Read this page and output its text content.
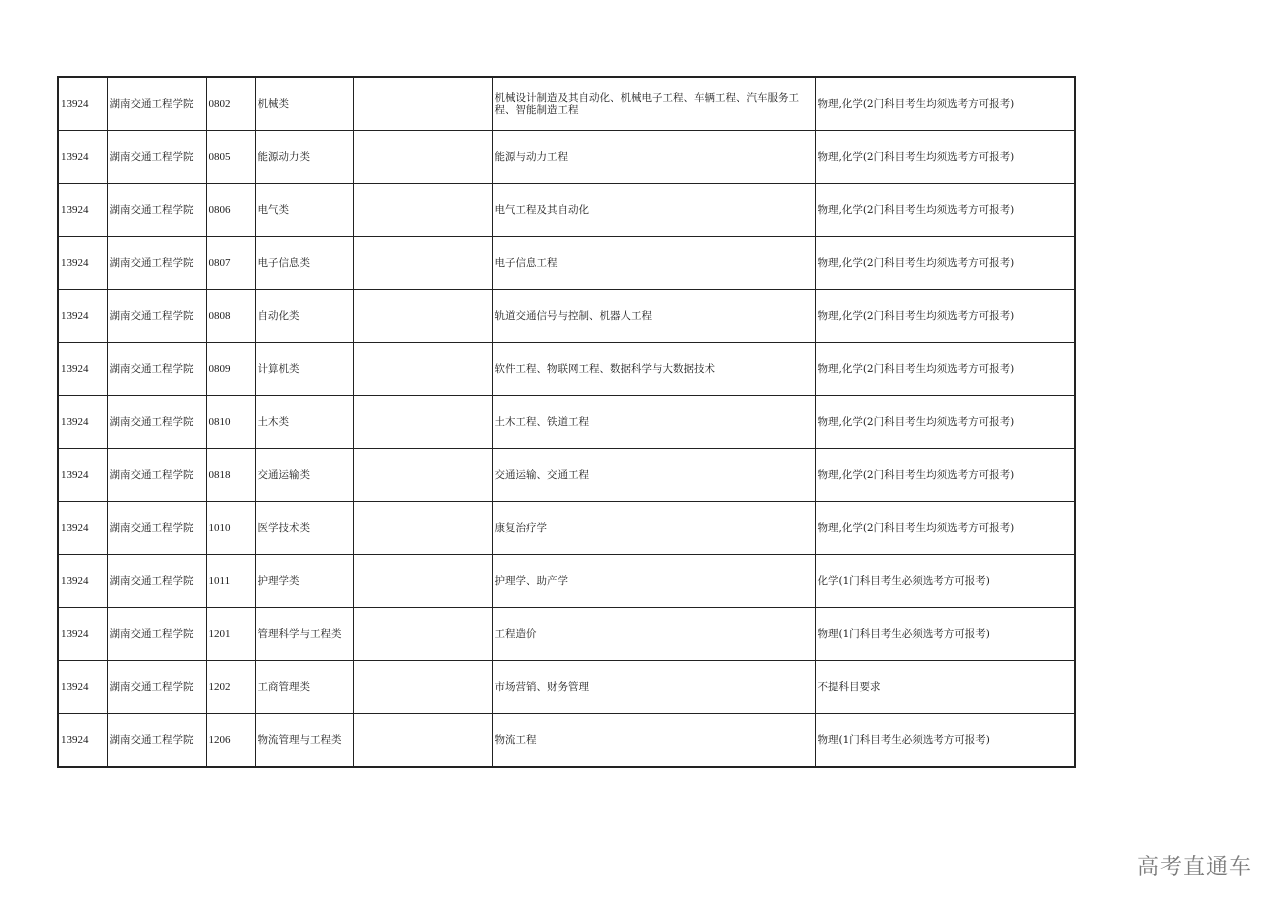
13924	湖南交通工程学院	0802	机械类		机械设计制造及其自动化、机械电子工程、车辆工程、汽车服务工程、智能制造工程	物理,化学(2门科目考生均须选考方可报考)
13924	湖南交通工程学院	0805	能源动力类		能源与动力工程	物理,化学(2门科目考生均须选考方可报考)
13924	湖南交通工程学院	0806	电气类		电气工程及其自动化	物理,化学(2门科目考生均须选考方可报考)
13924	湖南交通工程学院	0807	电子信息类		电子信息工程	物理,化学(2门科目考生均须选考方可报考)
13924	湖南交通工程学院	0808	自动化类		轨道交通信号与控制、机器人工程	物理,化学(2门科目考生均须选考方可报考)
13924	湖南交通工程学院	0809	计算机类		软件工程、物联网工程、数据科学与大数据技术	物理,化学(2门科目考生均须选考方可报考)
13924	湖南交通工程学院	0810	土木类		土木工程、铁道工程	物理,化学(2门科目考生均须选考方可报考)
13924	湖南交通工程学院	0818	交通运输类		交通运输、交通工程	物理,化学(2门科目考生均须选考方可报考)
13924	湖南交通工程学院	1010	医学技术类		康复治疗学	物理,化学(2门科目考生均须选考方可报考)
13924	湖南交通工程学院	1011	护理学类		护理学、助产学	化学(1门科目考生必须选考方可报考)
13924	湖南交通工程学院	1201	管理科学与工程类		工程造价	物理(1门科目考生必须选考方可报考)
13924	湖南交通工程学院	1202	工商管理类		市场营销、财务管理	不提科目要求
13924	湖南交通工程学院	1206	物流管理与工程类		物流工程	物理(1门科目考生必须选考方可报考)
高考直通车
